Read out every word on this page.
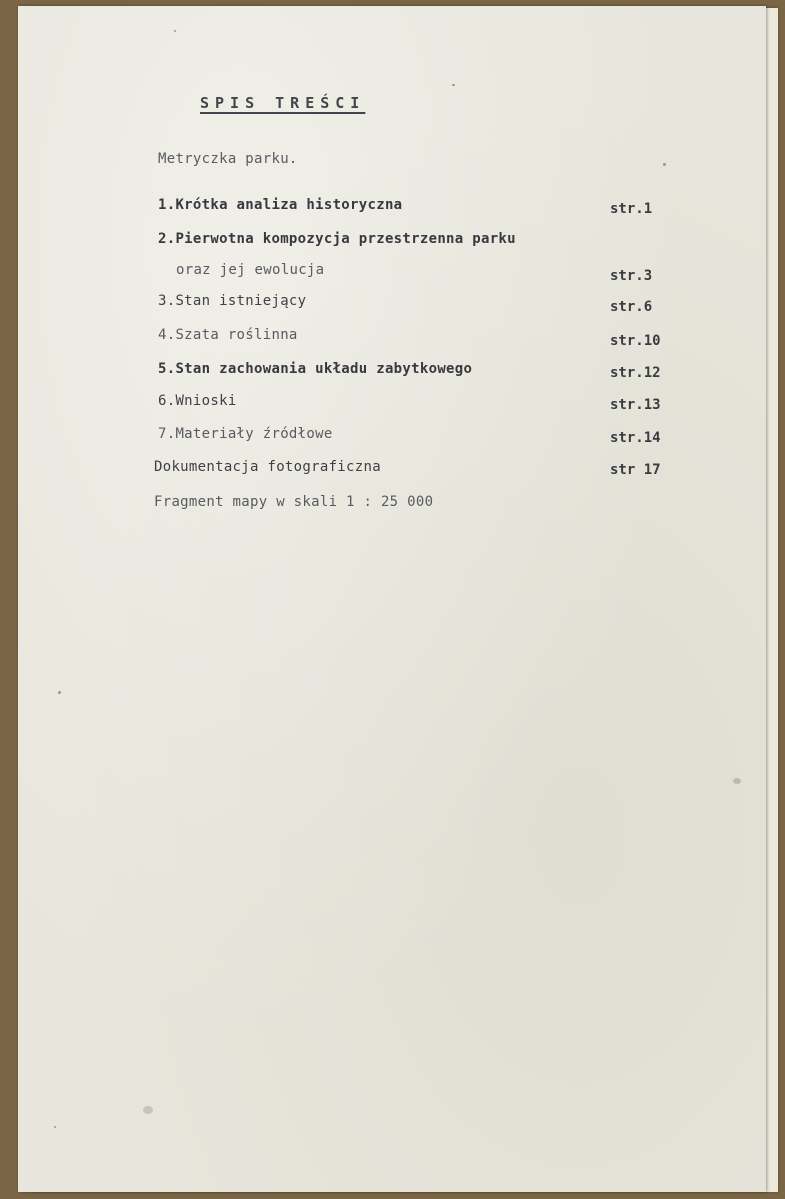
SPIS TREŚCI
Metryczka parku.
1.Krótka analiza historyczna	str.1
2.Pierwotna kompozycja przestrzenna parku
oraz jej ewolucja	str.3
3.Stan istniejący	str.6
4.Szata roślinna	str.10
5.Stan zachowania układu zabytkowego	str.12
6.Wnioski	str.13
7.Materiały źródłowe	str.14
Dokumentacja fotograficzna	str 17
Fragment mapy w skali 1 : 25 000
